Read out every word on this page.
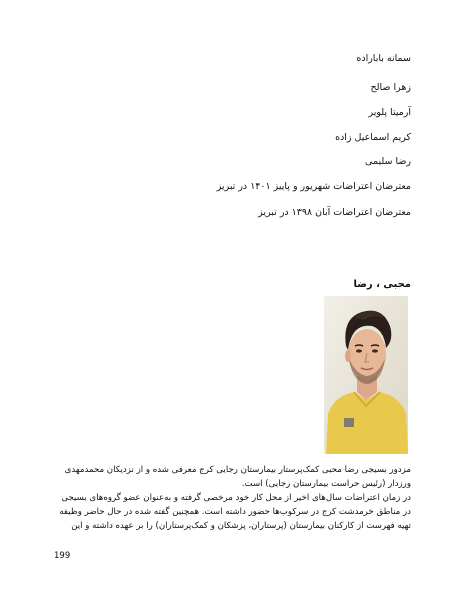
سمانه باباراده
زهرا صالح
آرمیتا پلویر
کریم اسماعیل زاده
رضا سلیمی
معترضان اعتراضات شهریور و پاییز ۱۴۰۱ در تبریز
معترضان اعتراضات آبان ۱۳۹۸ در تبریز
محبی ، رضا
مزدور بسیجی رضا محبی کمک‌پرستار بیمارستان رجایی کرج معرفی شده و از نزدیکان محمدمهدی
ورزدار (رئیس حراست بیمارستان رجایی) است.
در زمان اعتراضات سال‌های اخیر از محل کار خود مرخصی گرفته و به‌عنوان عضو گروه‌های بسیجی
در مناطق خرمدشت کرج در سرکوب‌ها حضور داشته است. همچنین گفته شده در حال حاضر وظیفه
تهیه فهرست از کارکنان بیمارستان (پرستاران، پزشکان و کمک‌پرستاران) را بر عهده داشته و این
199
